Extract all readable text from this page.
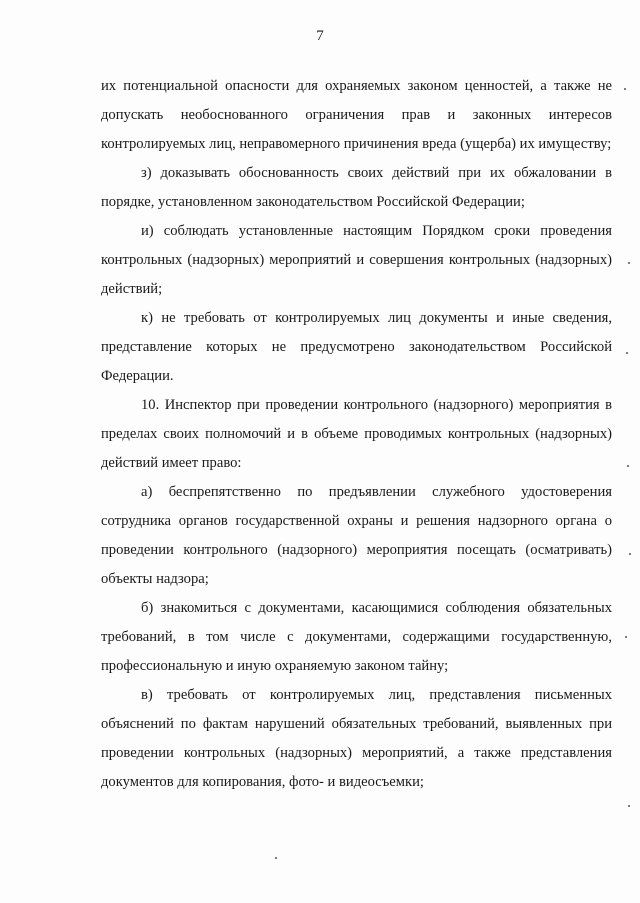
7

их потенциальной опасности для охраняемых законом ценностей, а также не допускать необоснованного ограничения прав и законных интересов контролируемых лиц, неправомерного причинения вреда (ущерба) их имуществу;

з) доказывать обоснованность своих действий при их обжаловании в порядке, установленном законодательством Российской Федерации;

и) соблюдать установленные настоящим Порядком сроки проведения контрольных (надзорных) мероприятий и совершения контрольных (надзорных) действий;

к) не требовать от контролируемых лиц документы и иные сведения, представление которых не предусмотрено законодательством Российской Федерации.

10. Инспектор при проведении контрольного (надзорного) мероприятия в пределах своих полномочий и в объеме проводимых контрольных (надзорных) действий имеет право:

а) беспрепятственно по предъявлении служебного удостоверения сотрудника органов государственной охраны и решения надзорного органа о проведении контрольного (надзорного) мероприятия посещать (осматривать) объекты надзора;

б) знакомиться с документами, касающимися соблюдения обязательных требований, в том числе с документами, содержащими государственную, профессиональную и иную охраняемую законом тайну;

в) требовать от контролируемых лиц, представления письменных объяснений по фактам нарушений обязательных требований, выявленных при проведении контрольных (надзорных) мероприятий, а также представления документов для копирования, фото- и видеосъемки;
